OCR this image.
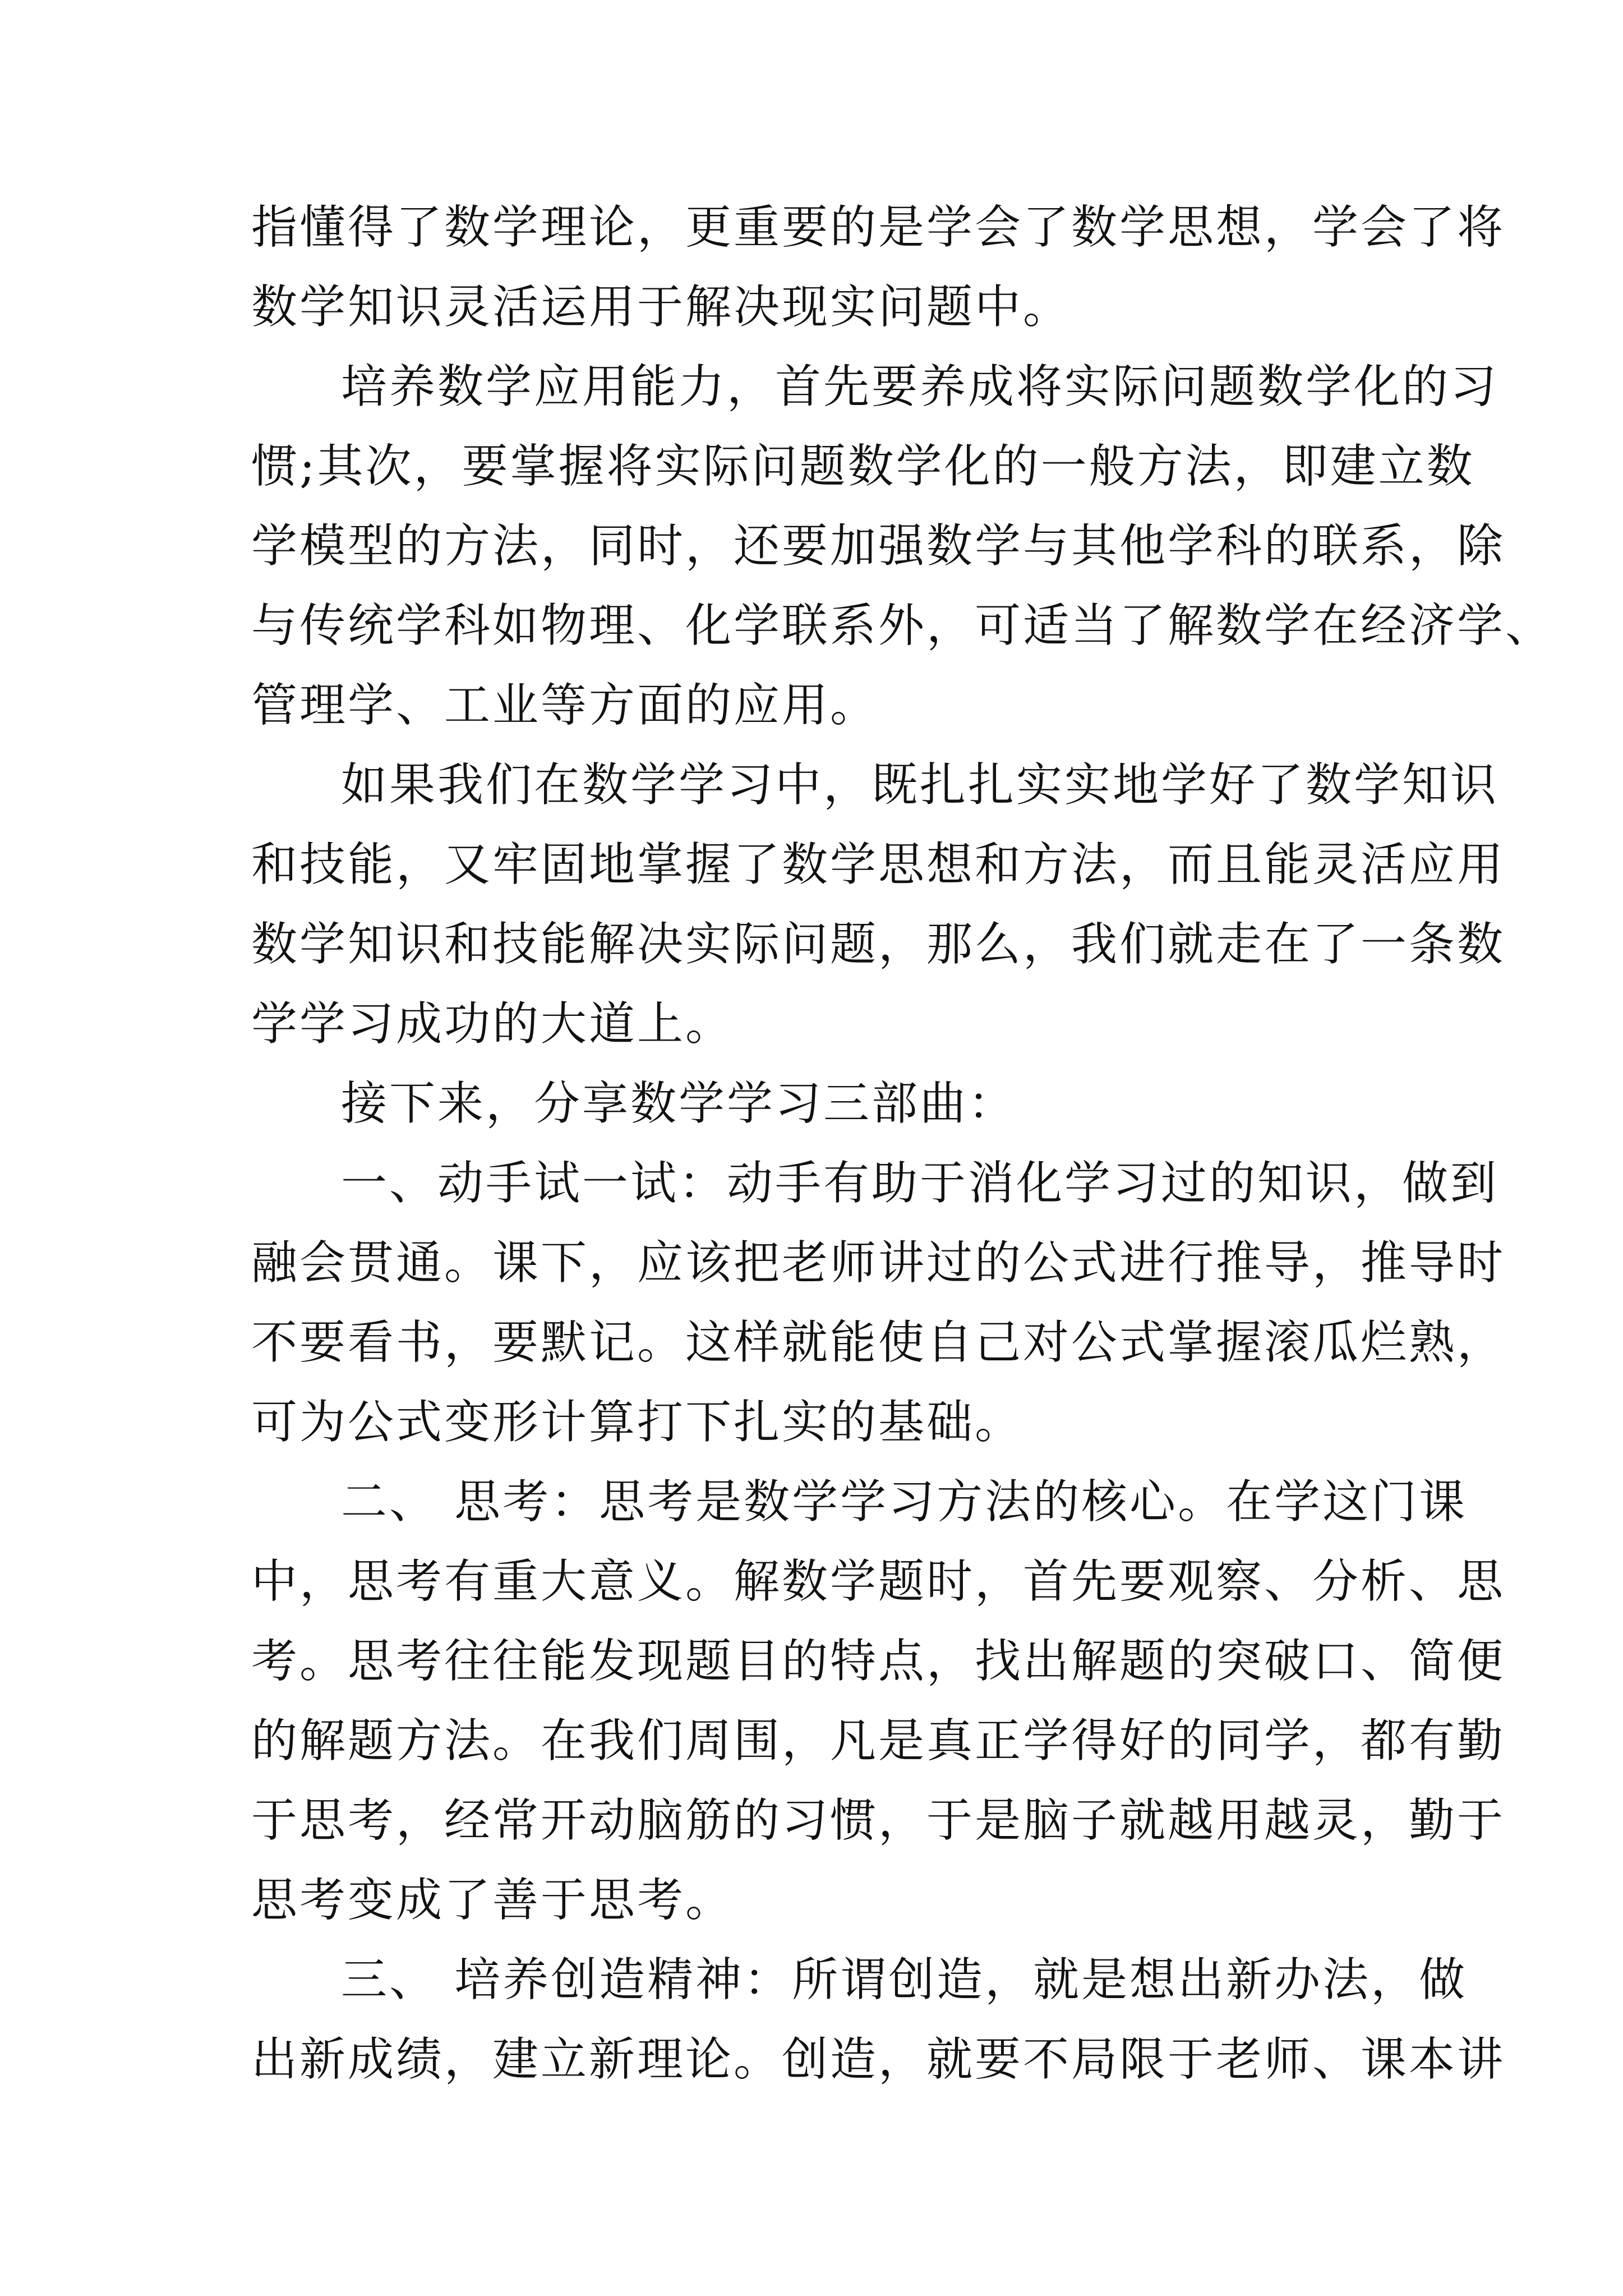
指懂得了数学理论，更重要的是学会了数学思想，学会了将
数学知识灵活运用于解决现实问题中。
培养数学应用能力，首先要养成将实际问题数学化的习
惯;其次，要掌握将实际问题数学化的一般方法，即建立数
学模型的方法，同时，还要加强数学与其他学科的联系，除
与传统学科如物理、化学联系外，可适当了解数学在经济学、
管理学、工业等方面的应用。
如果我们在数学学习中，既扎扎实实地学好了数学知识
和技能，又牢固地掌握了数学思想和方法，而且能灵活应用
数学知识和技能解决实际问题，那么，我们就走在了一条数
学学习成功的大道上。
接下来，分享数学学习三部曲：
一、动手试一试：动手有助于消化学习过的知识，做到
融会贯通。课下，应该把老师讲过的公式进行推导，推导时
不要看书，要默记。这样就能使自己对公式掌握滚瓜烂熟，
可为公式变形计算打下扎实的基础。
二、 思考：思考是数学学习方法的核心。在学这门课
中，思考有重大意义。解数学题时，首先要观察、分析、思
考。思考往往能发现题目的特点，找出解题的突破口、简便
的解题方法。在我们周围，凡是真正学得好的同学，都有勤
于思考，经常开动脑筋的习惯，于是脑子就越用越灵，勤于
思考变成了善于思考。
三、 培养创造精神：所谓创造，就是想出新办法，做
出新成绩，建立新理论。创造，就要不局限于老师、课本讲
